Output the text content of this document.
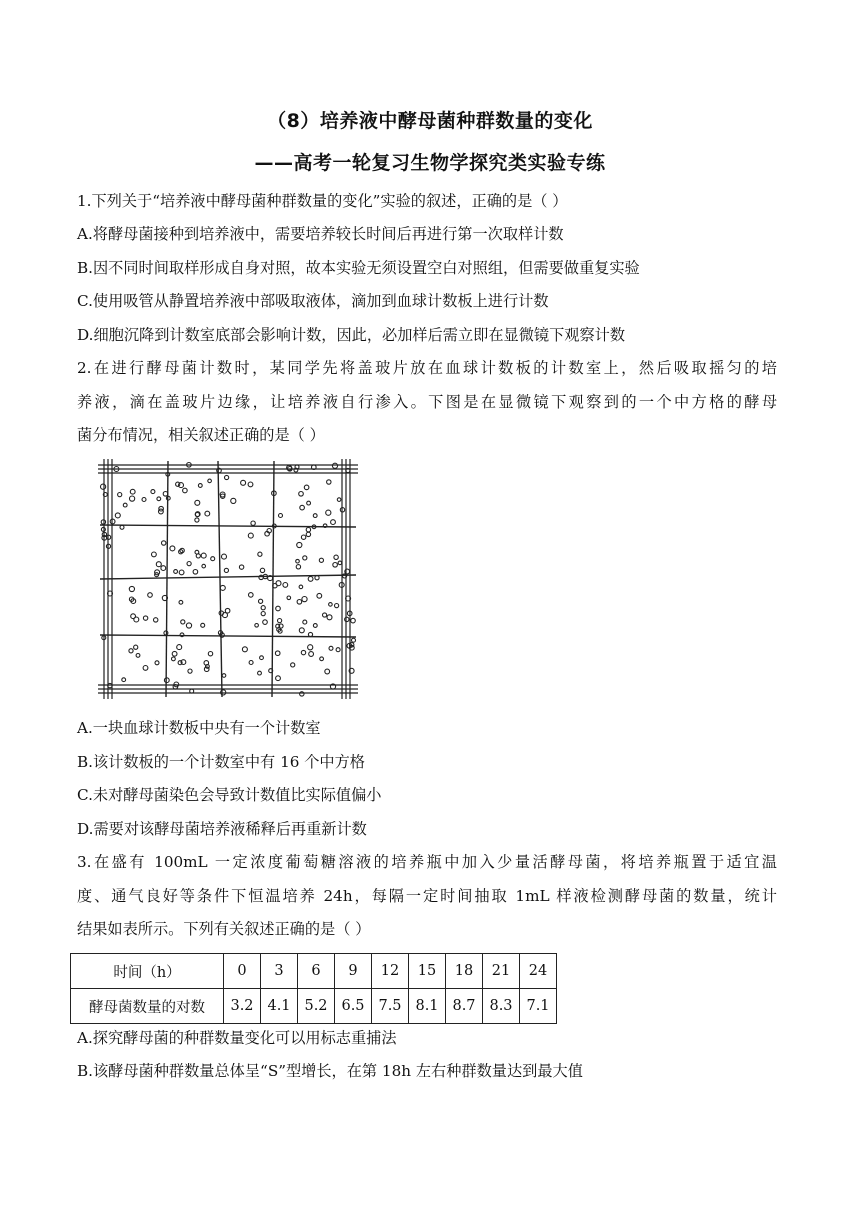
（8）培养液中酵母菌种群数量的变化
——高考一轮复习生物学探究类实验专练
1.下列关于“培养液中酵母菌种群数量的变化”实验的叙述，正确的是（ ）
A.将酵母菌接种到培养液中，需要培养较长时间后再进行第一次取样计数
B.因不同时间取样形成自身对照，故本实验无须设置空白对照组，但需要做重复实验
C.使用吸管从静置培养液中部吸取液体，滴加到血球计数板上进行计数
D.细胞沉降到计数室底部会影响计数，因此，必加样后需立即在显微镜下观察计数
2.在进行酵母菌计数时，某同学先将盖玻片放在血球计数板的计数室上，然后吸取摇匀的培
养液，滴在盖玻片边缘，让培养液自行渗入。下图是在显微镜下观察到的一个中方格的酵母
菌分布情况，相关叙述正确的是（ ）
A.一块血球计数板中央有一个计数室
B.该计数板的一个计数室中有 16 个中方格
C.未对酵母菌染色会导致计数值比实际值偏小
D.需要对该酵母菌培养液稀释后再重新计数
3.在盛有 100mL 一定浓度葡萄糖溶液的培养瓶中加入少量活酵母菌，将培养瓶置于适宜温
度、通气良好等条件下恒温培养 24h，每隔一定时间抽取 1mL 样液检测酵母菌的数量，统计
结果如表所示。下列有关叙述正确的是（ ）
时间（h）	0	3	6	9	12	15	18	21	24
酵母菌数量的对数	3.2	4.1	5.2	6.5	7.5	8.1	8.7	8.3	7.1
A.探究酵母菌的种群数量变化可以用标志重捕法
B.该酵母菌种群数量总体呈“S”型增长，在第 18h 左右种群数量达到最大值
